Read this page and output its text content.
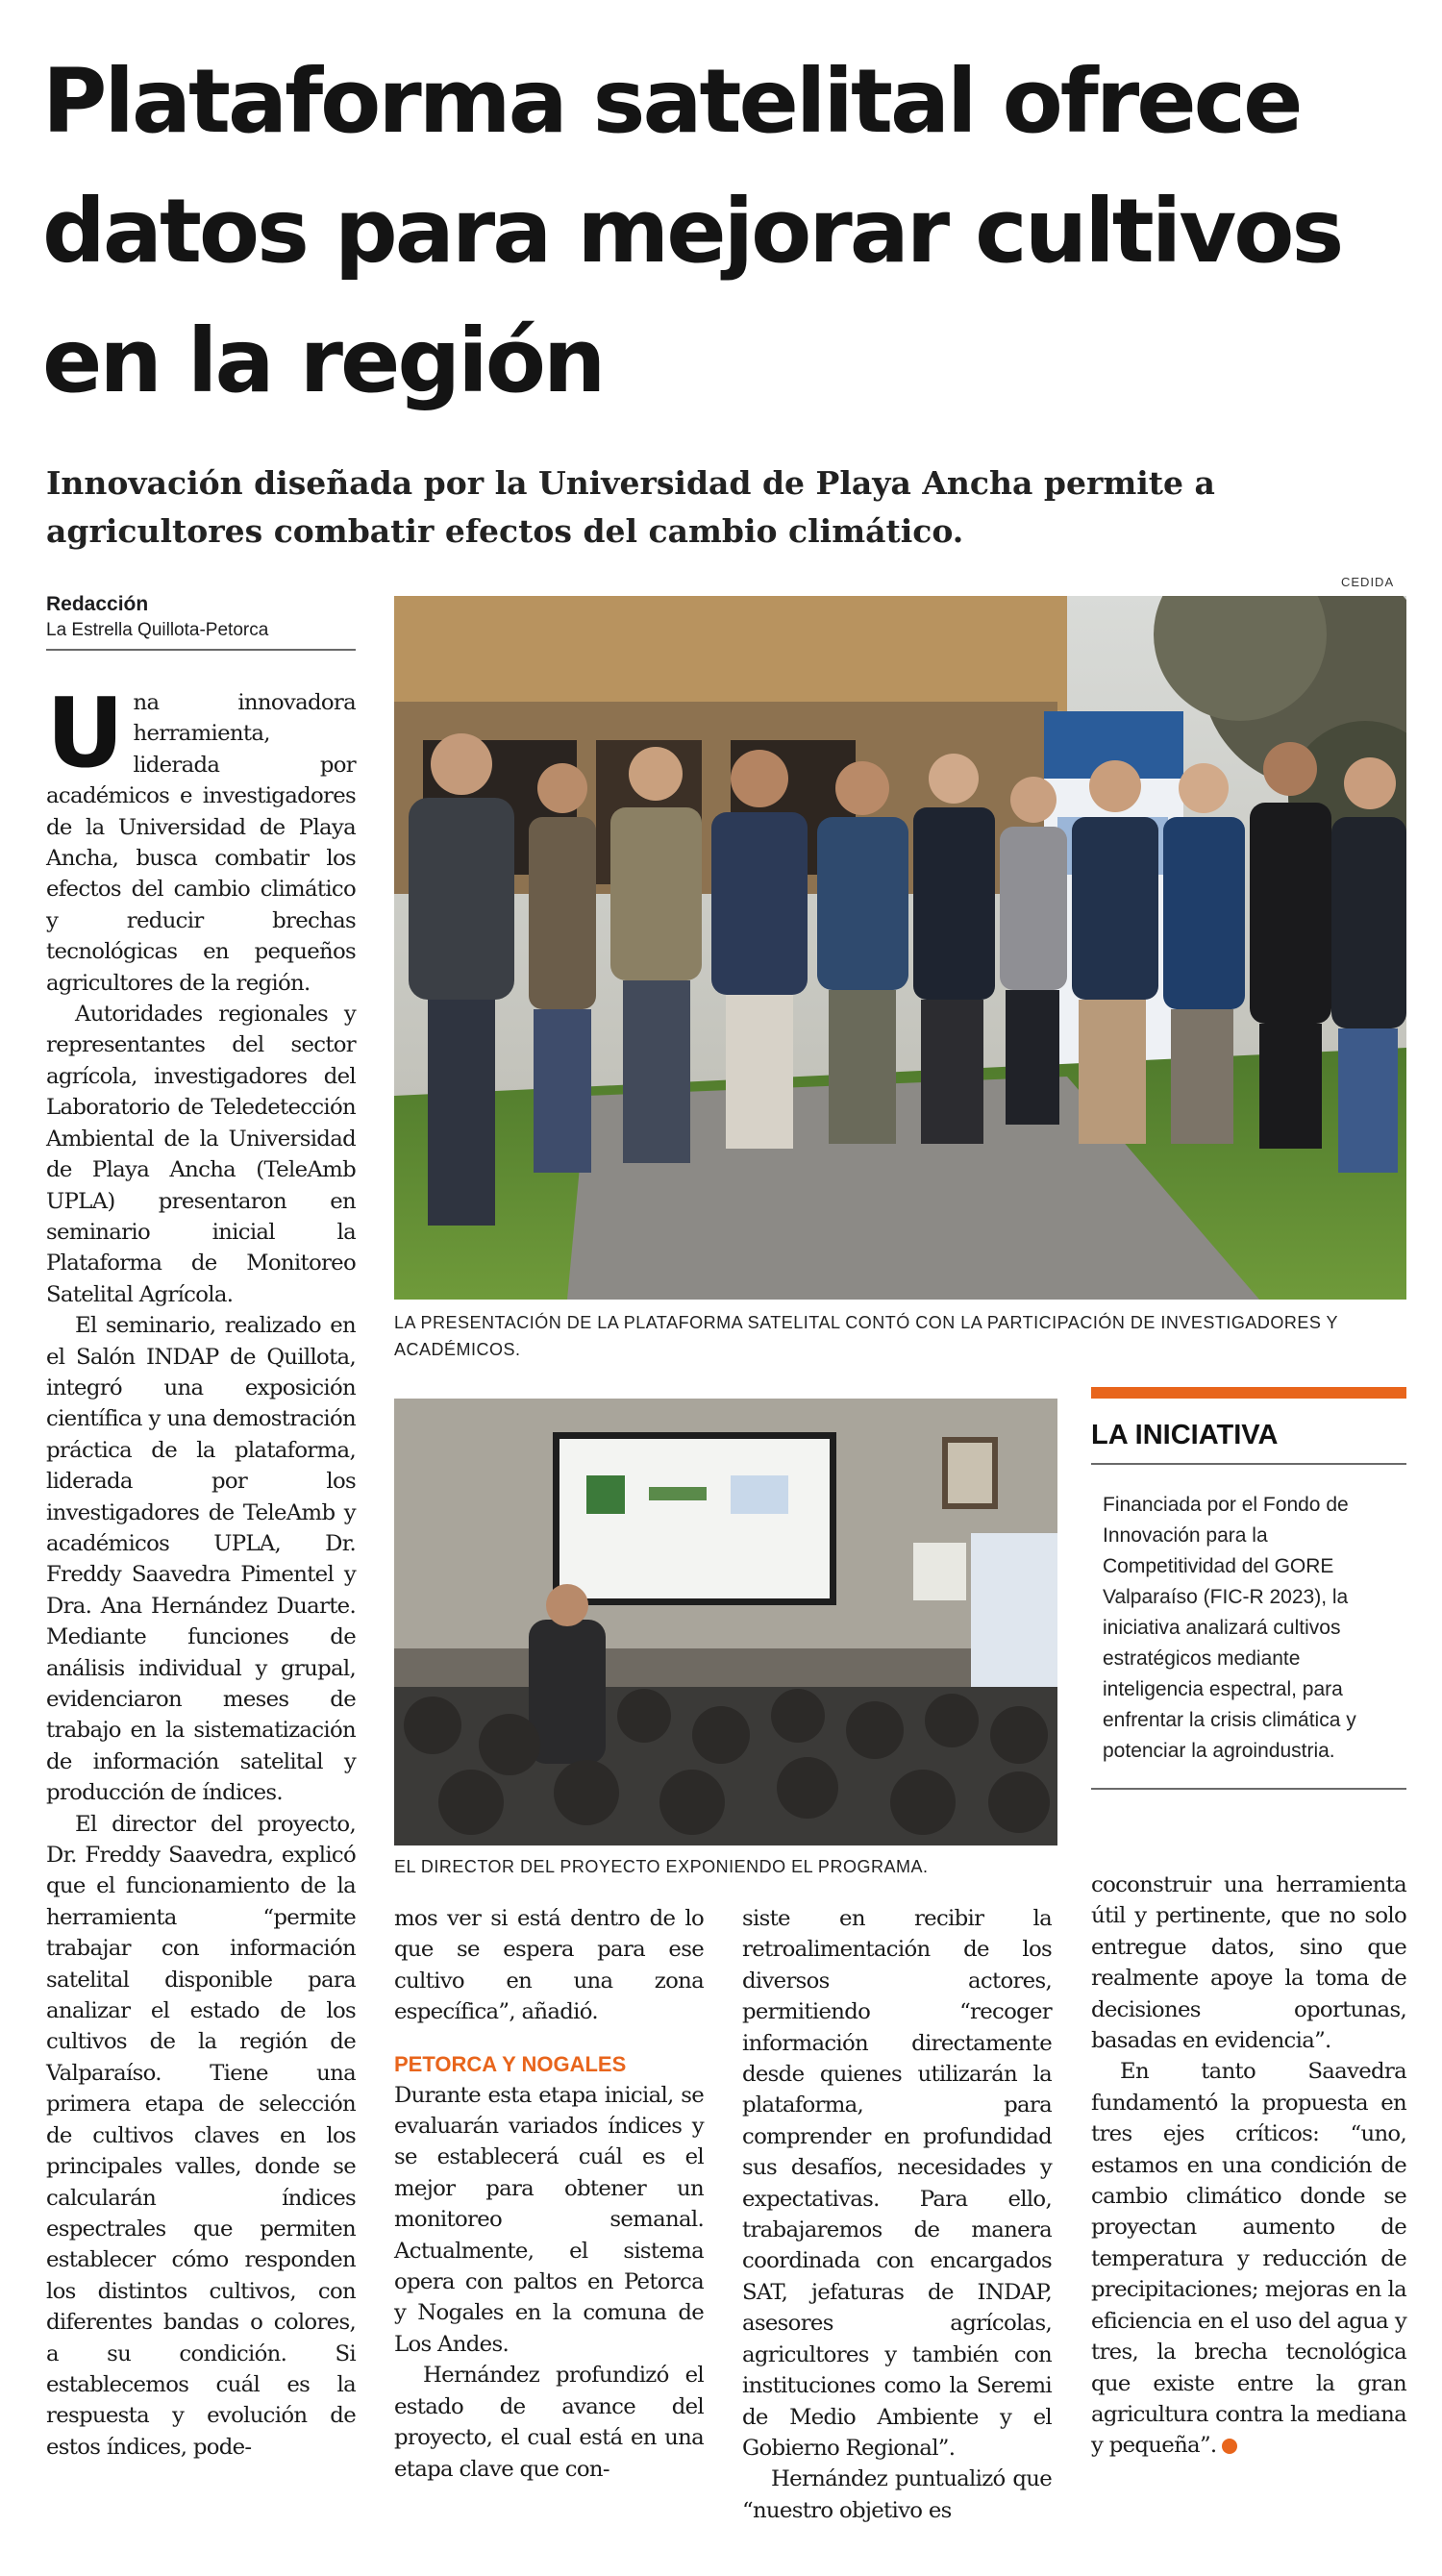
Plataforma satelital ofrece datos para mejorar cultivos en la región
Innovación diseñada por la Universidad de Playa Ancha permite a agricultores combatir efectos del cambio climático.
Redacción
La Estrella Quillota-Petorca
CEDIDA
LA PRESENTACIÓN DE LA PLATAFORMA SATELITAL CONTÓ CON LA PARTICIPACIÓN DE INVESTIGADORES Y ACADÉMICOS.
EL DIRECTOR DEL PROYECTO EXPONIENDO EL PROGRAMA.
LA INICIATIVA
Financiada por el Fondo de Innovación para la Competitividad del GORE Valparaíso (FIC-R 2023), la iniciativa analizará cultivos estratégicos mediante inteligencia espectral, para enfrentar la crisis climática y potenciar la agroindustria.

Una innovadora herramienta, liderada por académicos e investigadores de la Universidad de Playa Ancha, busca combatir los efectos del cambio climático y reducir brechas tecnológicas en pequeños agricultores de la región.

Autoridades regionales y representantes del sector agrícola, investigadores del Laboratorio de Teledetección Ambiental de la Universidad de Playa Ancha (TeleAmb UPLA) presentaron en seminario inicial la Plataforma de Monitoreo Satelital Agrícola.

El seminario, realizado en el Salón INDAP de Quillota, integró una exposición científica y una demostración práctica de la plataforma, liderada por los investigadores de TeleAmb y académicos UPLA, Dr. Freddy Saavedra Pimentel y Dra. Ana Hernández Duarte. Mediante funciones de análisis individual y grupal, evidenciaron meses de trabajo en la sistematización de información satelital y producción de índices.

El director del proyecto, Dr. Freddy Saavedra, explicó que el funcionamiento de la herramienta “permite trabajar con información satelital disponible para analizar el estado de los cultivos de la región de Valparaíso. Tiene una primera etapa de selección de cultivos claves en los principales valles, donde se calcularán índices espectrales que permiten establecer cómo responden los distintos cultivos, con diferentes bandas o colores, a su condición. Si establecemos cuál es la respuesta y evolución de estos índices, pode-

mos ver si está dentro de lo que se espera para ese cultivo en una zona específica”, añadió.

PETORCA Y NOGALES

Durante esta etapa inicial, se evaluarán variados índices y se establecerá cuál es el mejor para obtener un monitoreo semanal. Actualmente, el sistema opera con paltos en Petorca y Nogales en la comuna de Los Andes.

Hernández profundizó el estado de avance del proyecto, el cual está en una etapa clave que con-

siste en recibir la retroalimentación de los diversos actores, permitiendo “recoger información directamente desde quienes utilizarán la plataforma, para comprender en profundidad sus desafíos, necesidades y expectativas. Para ello, trabajaremos de manera coordinada con encargados SAT, jefaturas de INDAP, asesores agrícolas, agricultores y también con instituciones como la Seremi de Medio Ambiente y el Gobierno Regional”.

Hernández puntualizó que “nuestro objetivo es

coconstruir una herramienta útil y pertinente, que no solo entregue datos, sino que realmente apoye la toma de decisiones oportunas, basadas en evidencia”.

En tanto Saavedra fundamentó la propuesta en tres ejes críticos: “uno, estamos en una condición de cambio climático donde se proyectan aumento de temperatura y reducción de precipitaciones; mejoras en la eficiencia en el uso del agua y tres, la brecha tecnológica que existe entre la gran agricultura contra la mediana y pequeña”.
